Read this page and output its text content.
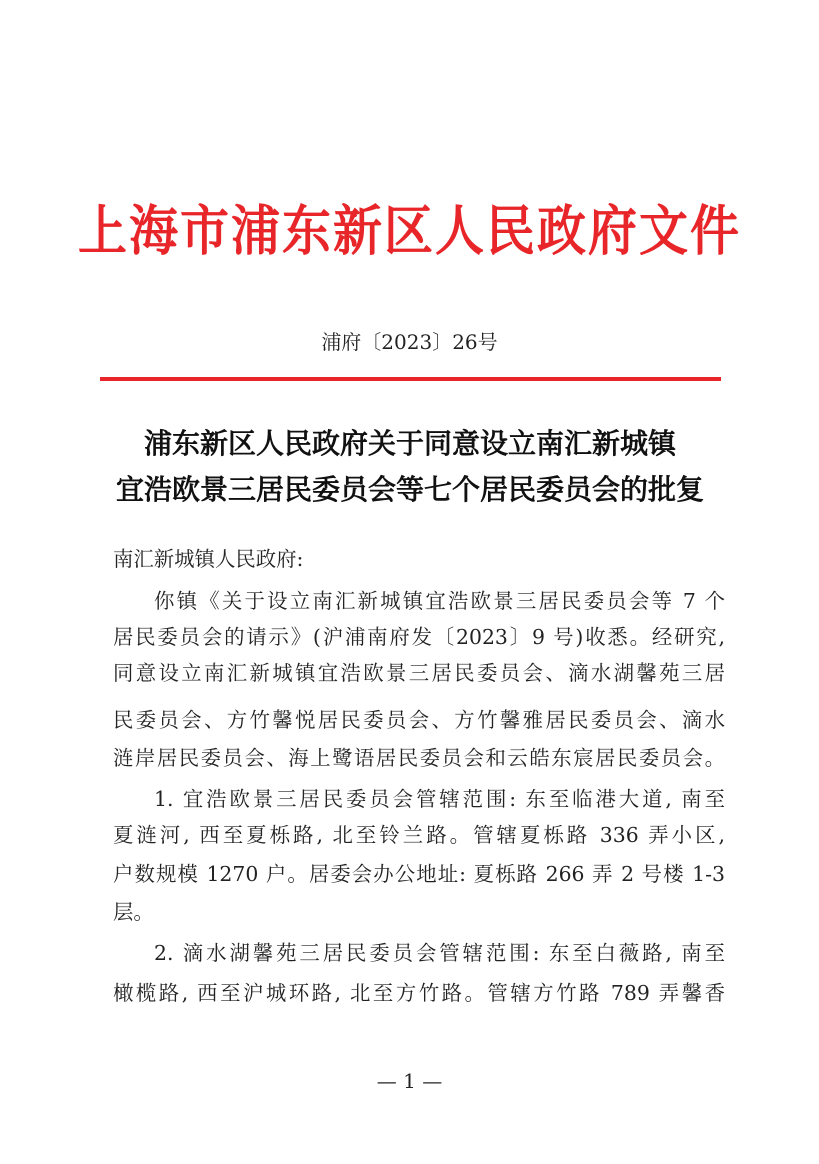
上海市浦东新区人民政府文件
浦府〔2023〕26号
浦东新区人民政府关于同意设立南汇新城镇
宜浩欧景三居民委员会等七个居民委员会的批复
南汇新城镇人民政府:
你镇《关于设立南汇新城镇宜浩欧景三居民委员会等 7 个
居民委员会的请示》(沪浦南府发〔2023〕9 号)收悉。经研究,
同意设立南汇新城镇宜浩欧景三居民委员会、滴水湖馨苑三居
民委员会、方竹馨悦居民委员会、方竹馨雅居民委员会、滴水
涟岸居民委员会、海上鹭语居民委员会和云皓东宸居民委员会。
1. 宜浩欧景三居民委员会管辖范围: 东至临港大道, 南至
夏涟河, 西至夏栎路, 北至铃兰路。管辖夏栎路 336 弄小区,
户数规模 1270 户。居委会办公地址: 夏栎路 266 弄 2 号楼 1-3
层。
2. 滴水湖馨苑三居民委员会管辖范围: 东至白薇路, 南至
橄榄路, 西至沪城环路, 北至方竹路。管辖方竹路 789 弄馨香
— 1 —
